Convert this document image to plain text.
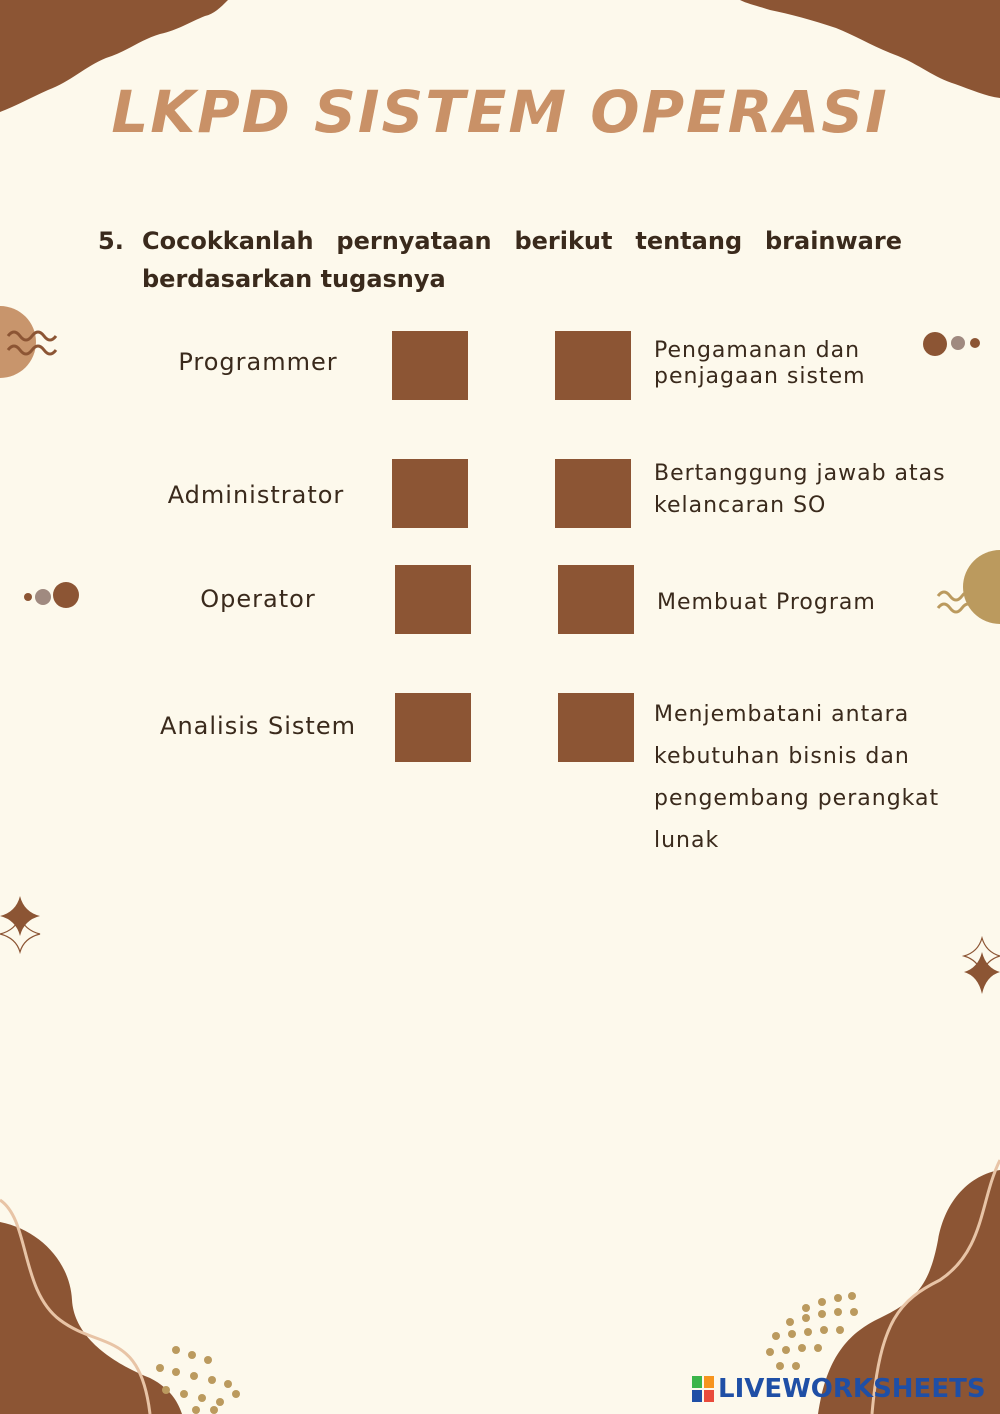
LKPD SISTEM OPERASI
5. Cocokkanlah pernyataan berikut tentang brainware berdasarkan tugasnya
Programmer
Administrator
Operator
Analisis Sistem
Pengamanan dan
penjagaan sistem
Bertanggung jawab atas
kelancaran SO
Membuat Program
Menjembatani antara
kebutuhan bisnis dan
pengembang perangkat
lunak
LIVEWORKSHEETS
